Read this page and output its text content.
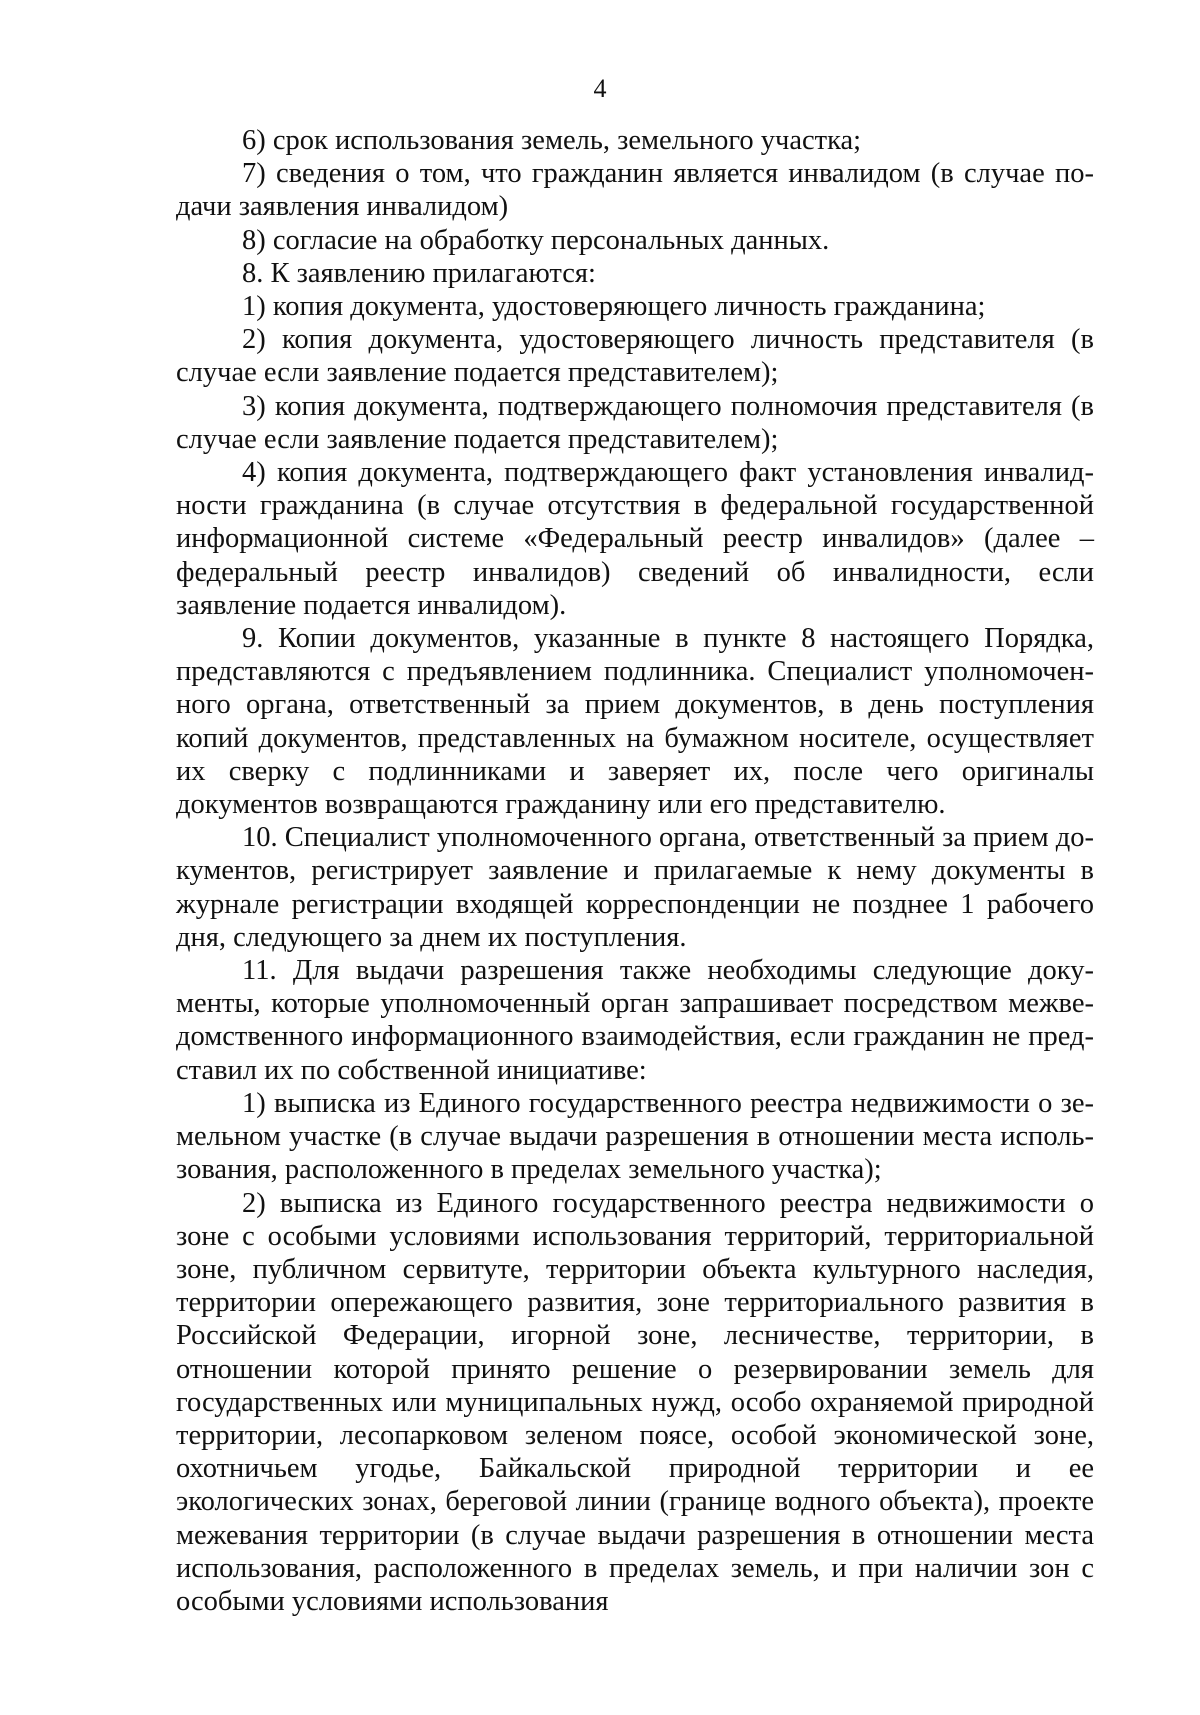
4

6) срок использования земель, земельного участка;

7) сведения о том, что гражданин является инвалидом (в случае подачи заявления инвалидом)

8) согласие на обработку персональных данных.

8. К заявлению прилагаются:

1) копия документа, удостоверяющего личность гражданина;

2) копия документа, удостоверяющего личность представителя (в случае если заявление подается представителем);

3) копия документа, подтверждающего полномочия представителя (в случае если заявление подается представителем);

4) копия документа, подтверждающего факт установления инвалидности гражданина (в случае отсутствия в федеральной государственной информационной системе «Федеральный реестр инвалидов» (далее – федеральный реестр инвалидов) сведений об инвалидности, если заявление подается инвалидом).

9. Копии документов, указанные в пункте 8 настоящего Порядка, представляются с предъявлением подлинника. Специалист уполномоченного органа, ответственный за прием документов, в день поступления копий документов, представленных на бумажном носителе, осуществляет их сверку с подлинниками и заверяет их, после чего оригиналы документов возвращаются гражданину или его представителю.

10. Специалист уполномоченного органа, ответственный за прием документов, регистрирует заявление и прилагаемые к нему документы в журнале регистрации входящей корреспонденции не позднее 1 рабочего дня, следующего за днем их поступления.

11. Для выдачи разрешения также необходимы следующие документы, которые уполномоченный орган запрашивает посредством межведомственного информационного взаимодействия, если гражданин не представил их по собственной инициативе:

1) выписка из Единого государственного реестра недвижимости о земельном участке (в случае выдачи разрешения в отношении места использования, расположенного в пределах земельного участка);

2) выписка из Единого государственного реестра недвижимости о зоне с особыми условиями использования территорий, территориальной зоне, публичном сервитуте, территории объекта культурного наследия, территории опережающего развития, зоне территориального развития в Российской Федерации, игорной зоне, лесничестве, территории, в отношении которой принято решение о резервировании земель для государственных или муниципальных нужд, особо охраняемой природной территории, лесопарковом зеленом поясе, особой экономической зоне, охотничьем угодье, Байкальской природной территории и ее экологических зонах, береговой линии (границе водного объекта), проекте межевания территории (в случае выдачи разрешения в отношении места использования, расположенного в пределах земель, и при наличии зон с особыми условиями использования
